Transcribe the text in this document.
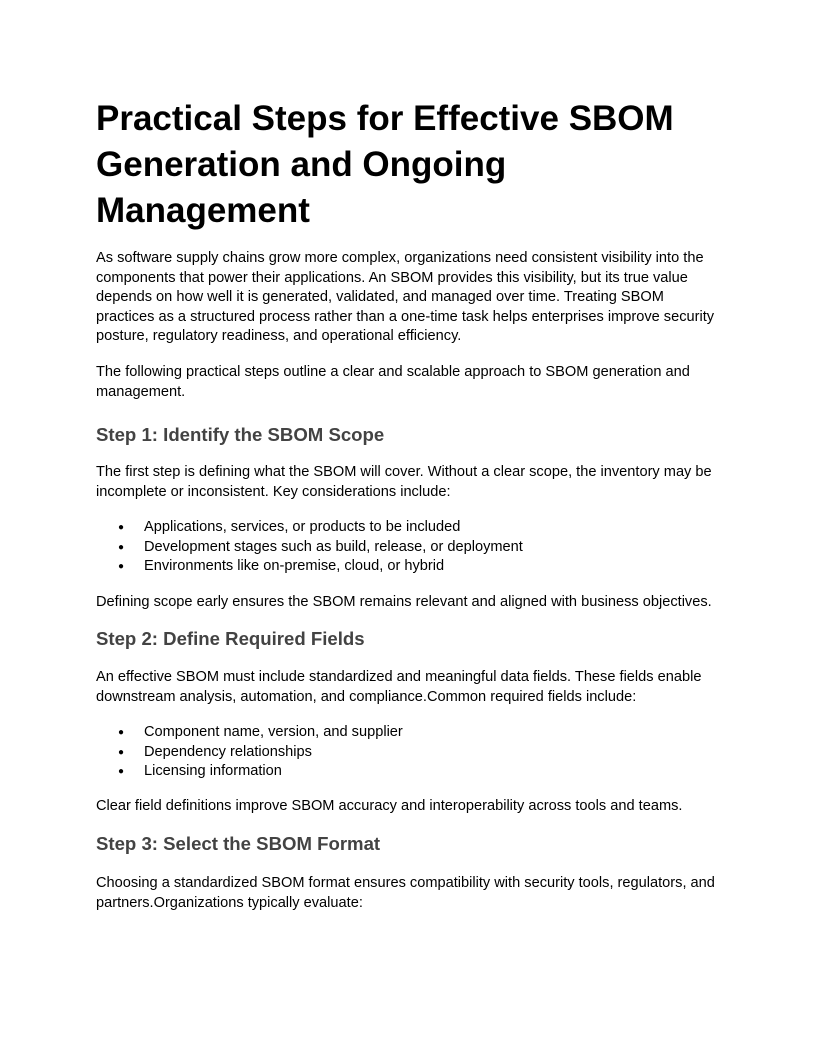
Practical Steps for Effective SBOM Generation and Ongoing Management

As software supply chains grow more complex, organizations need consistent visibility into the components that power their applications. An SBOM provides this visibility, but its true value depends on how well it is generated, validated, and managed over time. Treating SBOM practices as a structured process rather than a one-time task helps enterprises improve security posture, regulatory readiness, and operational efficiency.

The following practical steps outline a clear and scalable approach to SBOM generation and management.

Step 1: Identify the SBOM Scope

The first step is defining what the SBOM will cover. Without a clear scope, the inventory may be incomplete or inconsistent. Key considerations include:

● Applications, services, or products to be included
● Development stages such as build, release, or deployment
● Environments like on-premise, cloud, or hybrid

Defining scope early ensures the SBOM remains relevant and aligned with business objectives.

Step 2: Define Required Fields

An effective SBOM must include standardized and meaningful data fields. These fields enable downstream analysis, automation, and compliance.Common required fields include:

● Component name, version, and supplier
● Dependency relationships
● Licensing information

Clear field definitions improve SBOM accuracy and interoperability across tools and teams.

Step 3: Select the SBOM Format

Choosing a standardized SBOM format ensures compatibility with security tools, regulators, and partners.Organizations typically evaluate:
